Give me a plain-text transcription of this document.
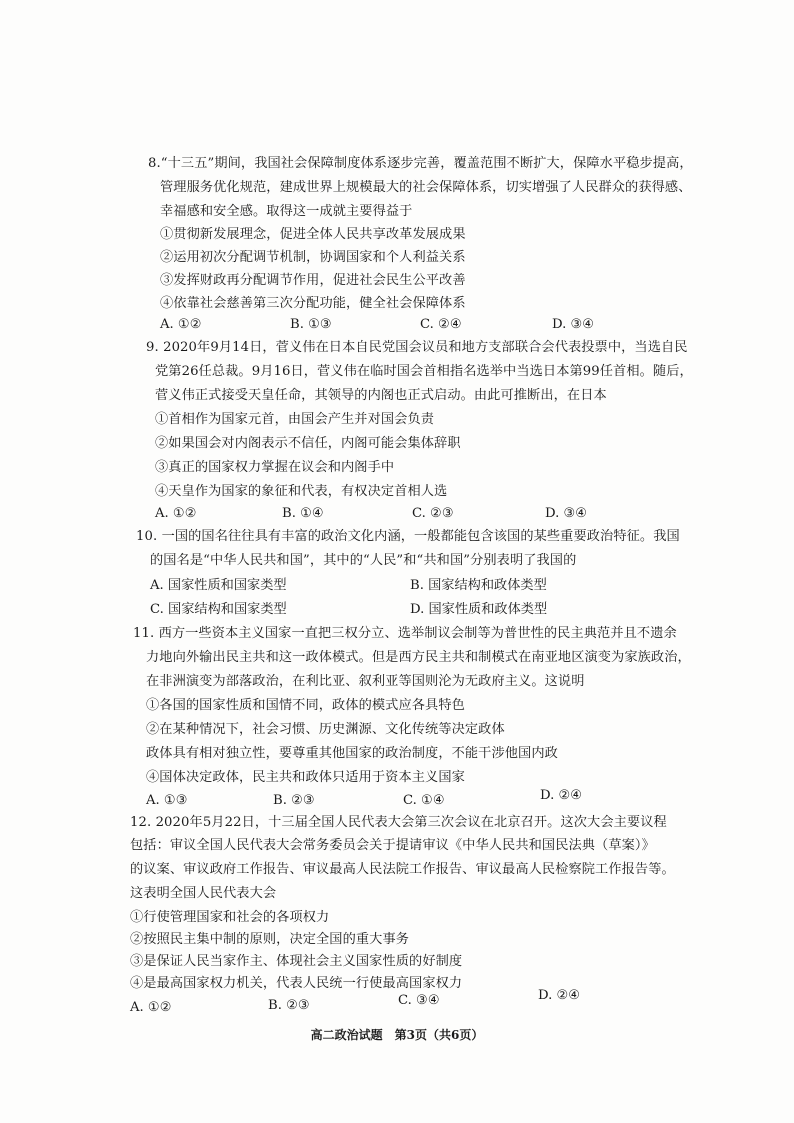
8.“十三五”期间，我国社会保障制度体系逐步完善，覆盖范围不断扩大，保障水平稳步提高，
管理服务优化规范，建成世界上规模最大的社会保障体系，切实增强了人民群众的获得感、
幸福感和安全感。取得这一成就主要得益于
①贯彻新发展理念，促进全体人民共享改革发展成果
②运用初次分配调节机制，协调国家和个人利益关系
③发挥财政再分配调节作用，促进社会民生公平改善
④依靠社会慈善第三次分配功能，健全社会保障体系
A. ①②	B. ①③	C. ②④	D. ③④
9. 2020年9月14日，菅义伟在日本自民党国会议员和地方支部联合会代表投票中，当选自民
党第26任总裁。9月16日，菅义伟在临时国会首相指名选举中当选日本第99任首相。随后，
菅义伟正式接受天皇任命，其领导的内阁也正式启动。由此可推断出，在日本
①首相作为国家元首，由国会产生并对国会负责
②如果国会对内阁表示不信任，内阁可能会集体辞职
③真正的国家权力掌握在议会和内阁手中
④天皇作为国家的象征和代表，有权决定首相人选
A. ①②	B. ①④	C. ②③	D. ③④
10. 一国的国名往往具有丰富的政治文化内涵，一般都能包含该国的某些重要政治特征。我国
的国名是“中华人民共和国”，其中的“人民”和“共和国”分别表明了我国的
A. 国家性质和国家类型	B. 国家结构和政体类型
C. 国家结构和国家类型	D. 国家性质和政体类型
11. 西方一些资本主义国家一直把三权分立、选举制议会制等为普世性的民主典范并且不遗余
力地向外输出民主共和这一政体模式。但是西方民主共和制模式在南亚地区演变为家族政治，
在非洲演变为部落政治，在利比亚、叙利亚等国则沦为无政府主义。这说明
①各国的国家性质和国情不同，政体的模式应各具特色
②在某种情况下，社会习惯、历史渊源、文化传统等决定政体
政体具有相对独立性，要尊重其他国家的政治制度，不能干涉他国内政
④国体决定政体，民主共和政体只适用于资本主义国家
A. ①③	B. ②③	C. ①④	D. ②④
12. 2020年5月22日，十三届全国人民代表大会第三次会议在北京召开。这次大会主要议程
包括：审议全国人民代表大会常务委员会关于提请审议《中华人民共和国民法典（草案）》
的议案、审议政府工作报告、审议最高人民法院工作报告、审议最高人民检察院工作报告等。
这表明全国人民代表大会
①行使管理国家和社会的各项权力
②按照民主集中制的原则，决定全国的重大事务
③是保证人民当家作主、体现社会主义国家性质的好制度
④是最高国家权力机关，代表人民统一行使最高国家权力
A. ①②	B. ②③	C. ③④	D. ②④
高二政治试题　第3页（共6页）
